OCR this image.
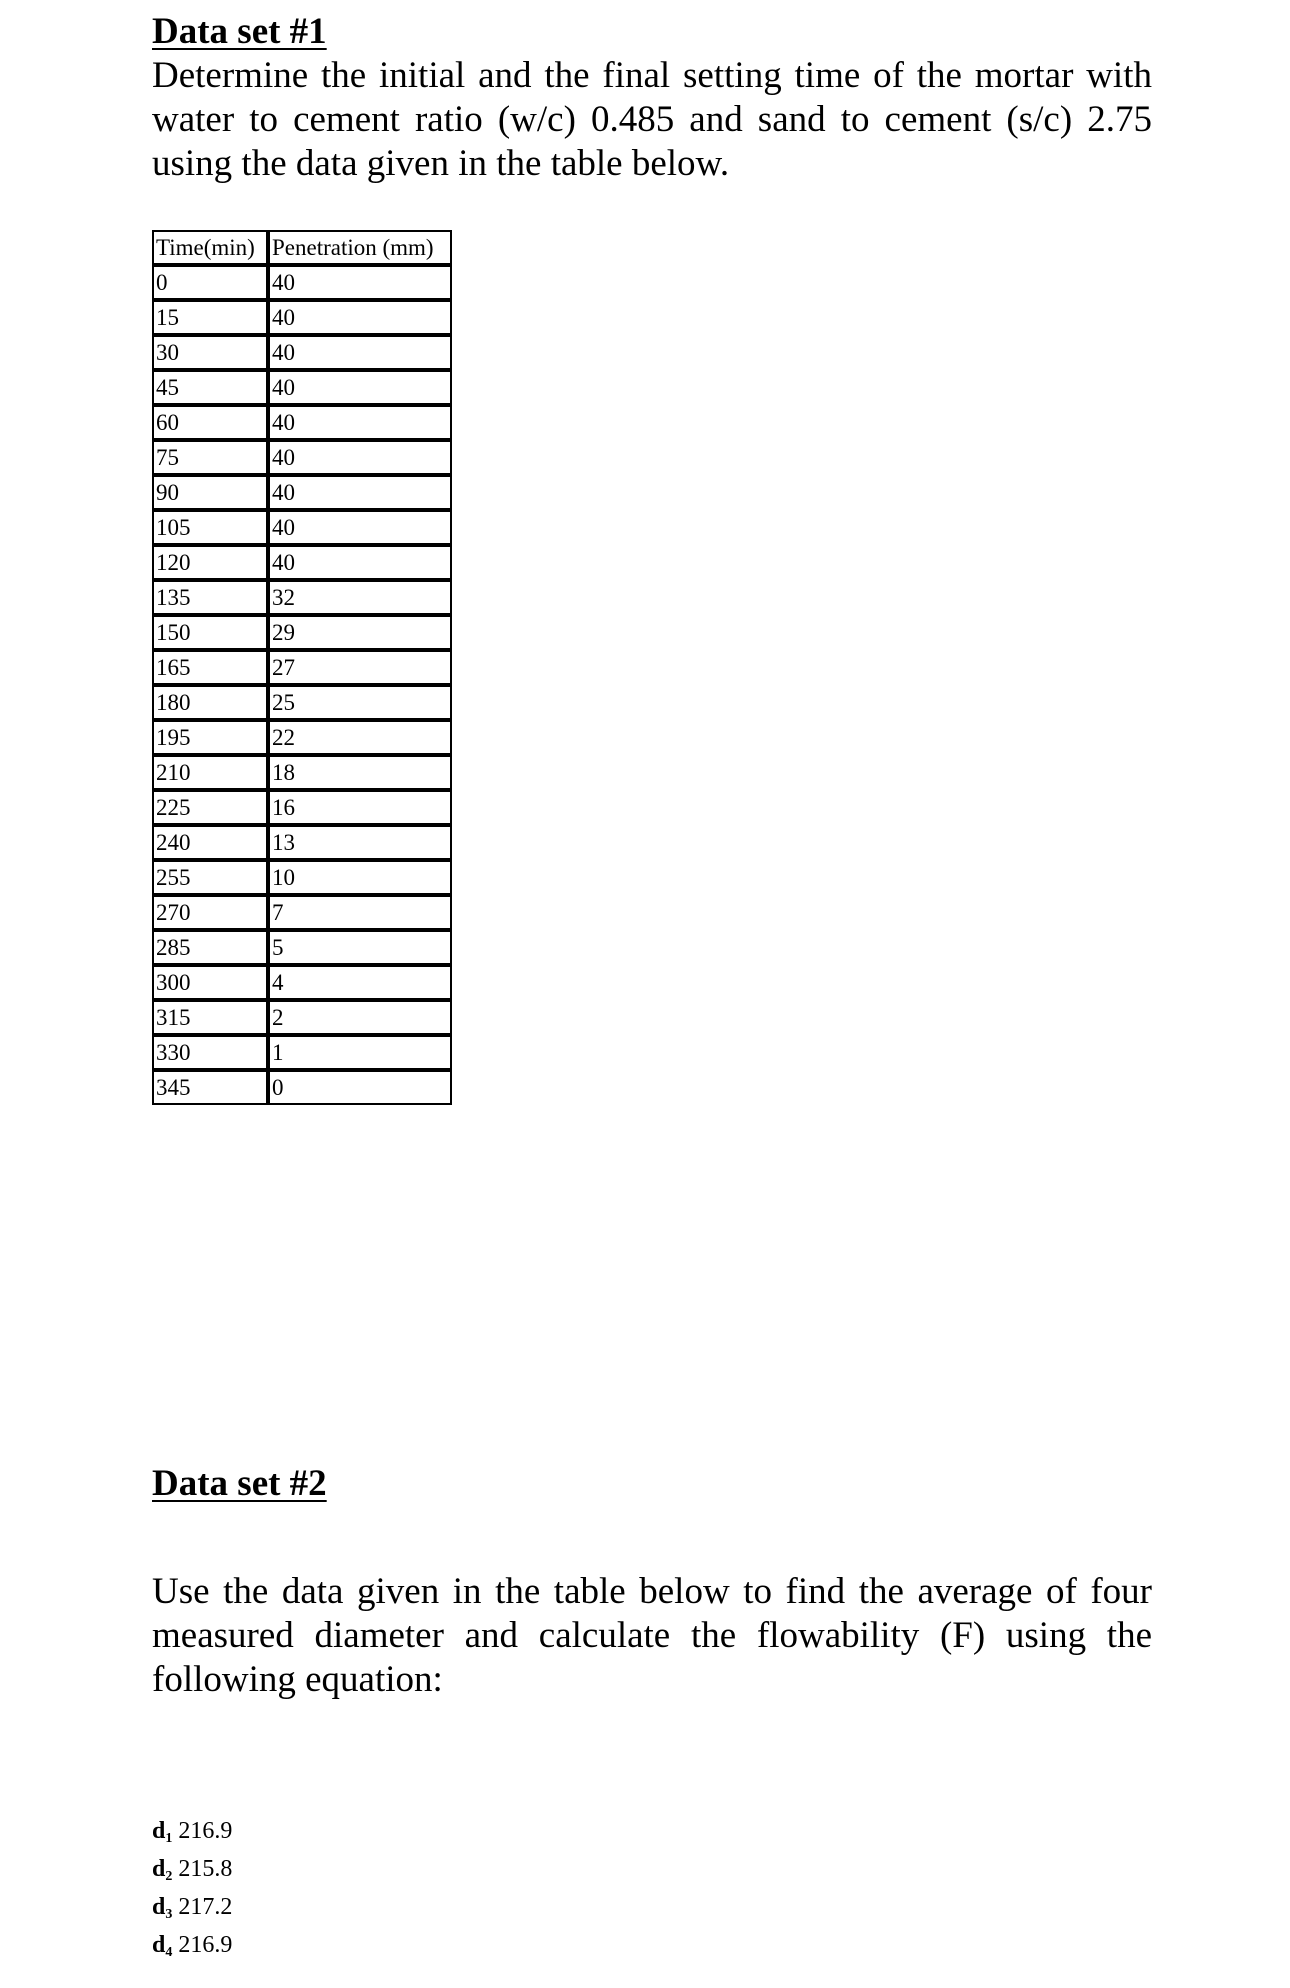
Data set #1

Determine the initial and the final setting time of the mortar with water to cement ratio (w/c) 0.485 and sand to cement (s/c) 2.75 using the data given in the table below.

Time(min)	Penetration (mm)
0	40
15	40
30	40
45	40
60	40
75	40
90	40
105	40
120	40
135	32
150	29
165	27
180	25
195	22
210	18
225	16
240	13
255	10
270	7
285	5
300	4
315	2
330	1
345	0

Data set #2

Use the data given in the table below to find the average of four measured diameter and calculate the flowability (F) using the following equation:

$d_1$ 216.9
$d_2$ 215.8
$d_3$ 217.2
$d_4$ 216.9
